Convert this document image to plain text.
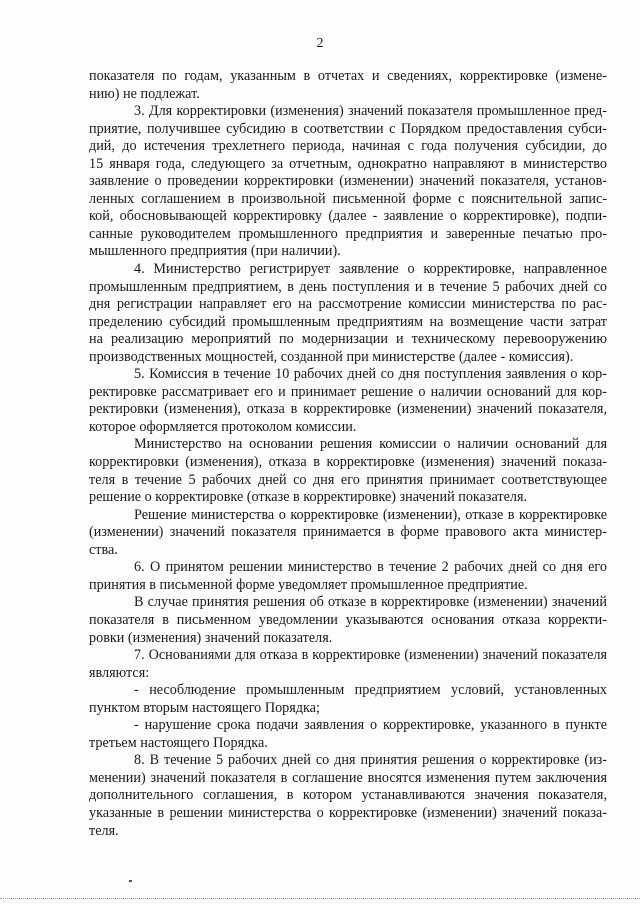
2

показателя по годам, указанным в отчетах и сведениях, корректировке (измене-
нию) не подлежат.

3. Для корректировки (изменения) значений показателя промышленное пред-
приятие, получившее субсидию в соответствии с Порядком предоставления субси-
дий, до истечения трехлетнего периода, начиная с года получения субсидии, до
15 января года, следующего за отчетным, однократно направляют в министерство
заявление о проведении корректировки (изменении) значений показателя, установ-
ленных соглашением в произвольной письменной форме с пояснительной запис-
кой, обосновывающей корректировку (далее - заявление о корректировке), подпи-
санные руководителем промышленного предприятия и заверенные печатью про-
мышленного предприятия (при наличии).

4. Министерство регистрирует заявление о корректировке, направленное
промышленным предприятием, в день поступления и в течение 5 рабочих дней со
дня регистрации направляет его на рассмотрение комиссии министерства по рас-
пределению субсидий промышленным предприятиям на возмещение части затрат
на реализацию мероприятий по модернизации и техническому перевооружению
производственных мощностей, созданной при министерстве (далее - комиссия).

5. Комиссия в течение 10 рабочих дней со дня поступления заявления о кор-
ректировке рассматривает его и принимает решение о наличии оснований для кор-
ректировки (изменения), отказа в корректировке (изменении) значений показателя,
которое оформляется протоколом комиссии.

Министерство на основании решения комиссии о наличии оснований для
корректировки (изменения), отказа в корректировке (изменения) значений показа-
теля в течение 5 рабочих дней со дня его принятия принимает соответствующее
решение о корректировке (отказе в корректировке) значений показателя.

Решение министерства о корректировке (изменении), отказе в корректировке
(изменении) значений показателя принимается в форме правового акта министер-
ства.

6. О принятом решении министерство в течение 2 рабочих дней со дня его
принятия в письменной форме уведомляет промышленное предприятие.

В случае принятия решения об отказе в корректировке (изменении) значений
показателя в письменном уведомлении указываются основания отказа корректи-
ровки (изменения) значений показателя.

7. Основаниями для отказа в корректировке (изменении) значений показателя
являются:

- несоблюдение промышленным предприятием условий, установленных
пунктом вторым настоящего Порядка;

- нарушение срока подачи заявления о корректировке, указанного в пункте
третьем настоящего Порядка.

8. В течение 5 рабочих дней со дня принятия решения о корректировке (из-
менении) значений показателя в соглашение вносятся изменения путем заключения
дополнительного соглашения, в котором устанавливаются значения показателя,
указанные в решении министерства о корректировке (изменении) значений показа-
теля.
